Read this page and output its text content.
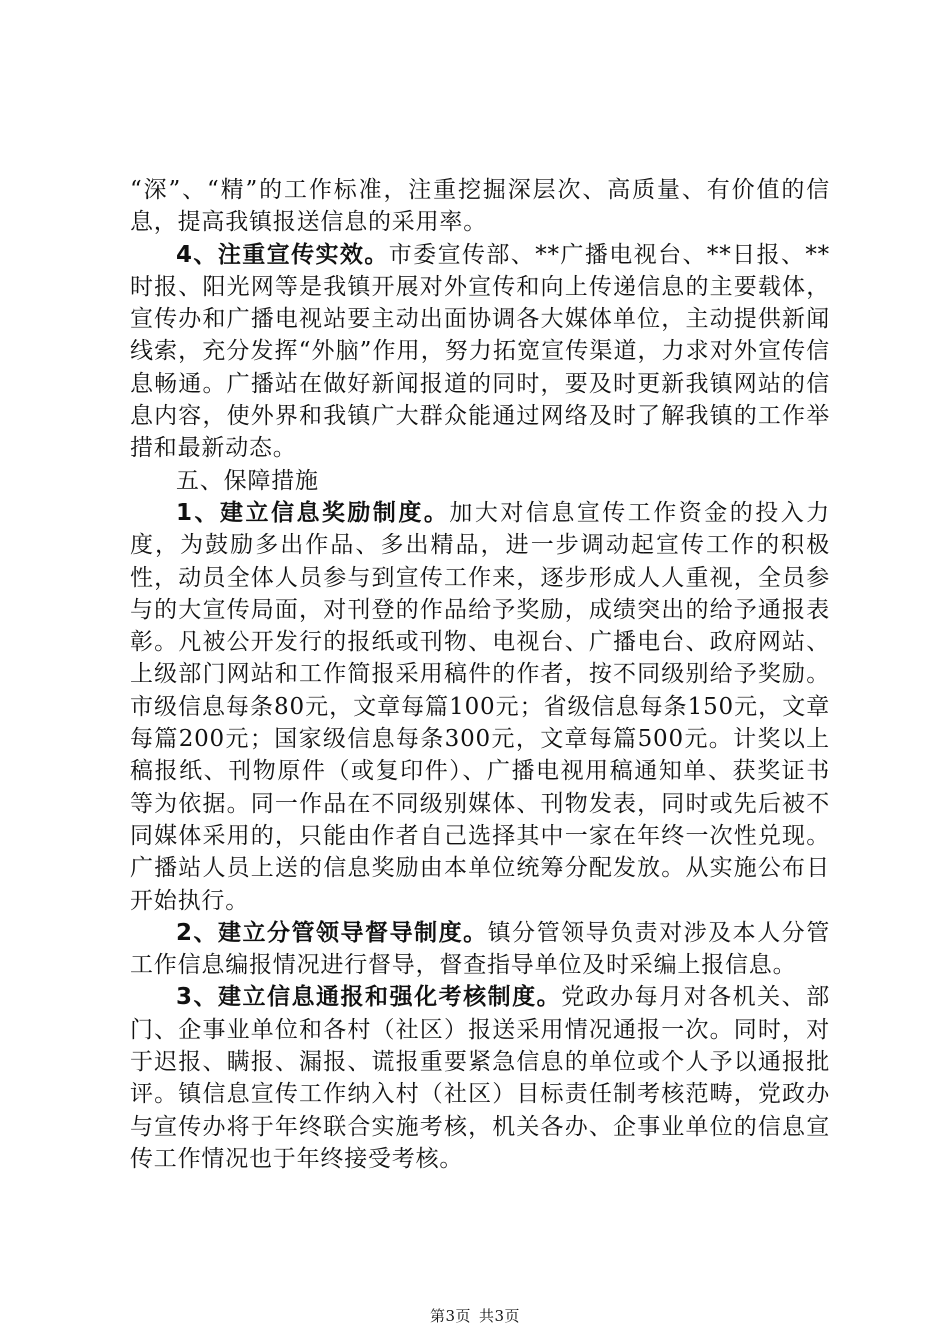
“深”、“精”的工作标准，注重挖掘深层次、高质量、有价值的信息，提高我镇报送信息的采用率。

4、注重宣传实效。市委宣传部、**广播电视台、**日报、**时报、阳光网等是我镇开展对外宣传和向上传递信息的主要载体，宣传办和广播电视站要主动出面协调各大媒体单位，主动提供新闻线索，充分发挥“外脑”作用，努力拓宽宣传渠道，力求对外宣传信息畅通。广播站在做好新闻报道的同时，要及时更新我镇网站的信息内容，使外界和我镇广大群众能通过网络及时了解我镇的工作举措和最新动态。

五、保障措施

1、建立信息奖励制度。加大对信息宣传工作资金的投入力度，为鼓励多出作品、多出精品，进一步调动起宣传工作的积极性，动员全体人员参与到宣传工作来，逐步形成人人重视，全员参与的大宣传局面，对刊登的作品给予奖励，成绩突出的给予通报表彰。凡被公开发行的报纸或刊物、电视台、广播电台、政府网站、上级部门网站和工作简报采用稿件的作者，按不同级别给予奖励。市级信息每条80元，文章每篇100元；省级信息每条150元，文章每篇200元；国家级信息每条300元，文章每篇500元。计奖以上稿报纸、刊物原件（或复印件）、广播电视用稿通知单、获奖证书等为依据。同一作品在不同级别媒体、刊物发表，同时或先后被不同媒体采用的，只能由作者自己选择其中一家在年终一次性兑现。广播站人员上送的信息奖励由本单位统筹分配发放。从实施公布日开始执行。

2、建立分管领导督导制度。镇分管领导负责对涉及本人分管工作信息编报情况进行督导，督查指导单位及时采编上报信息。

3、建立信息通报和强化考核制度。党政办每月对各机关、部门、企事业单位和各村（社区）报送采用情况通报一次。同时，对于迟报、瞒报、漏报、谎报重要紧急信息的单位或个人予以通报批评。镇信息宣传工作纳入村（社区）目标责任制考核范畴，党政办与宣传办将于年终联合实施考核，机关各办、企事业单位的信息宣传工作情况也于年终接受考核。

第3页 共3页
